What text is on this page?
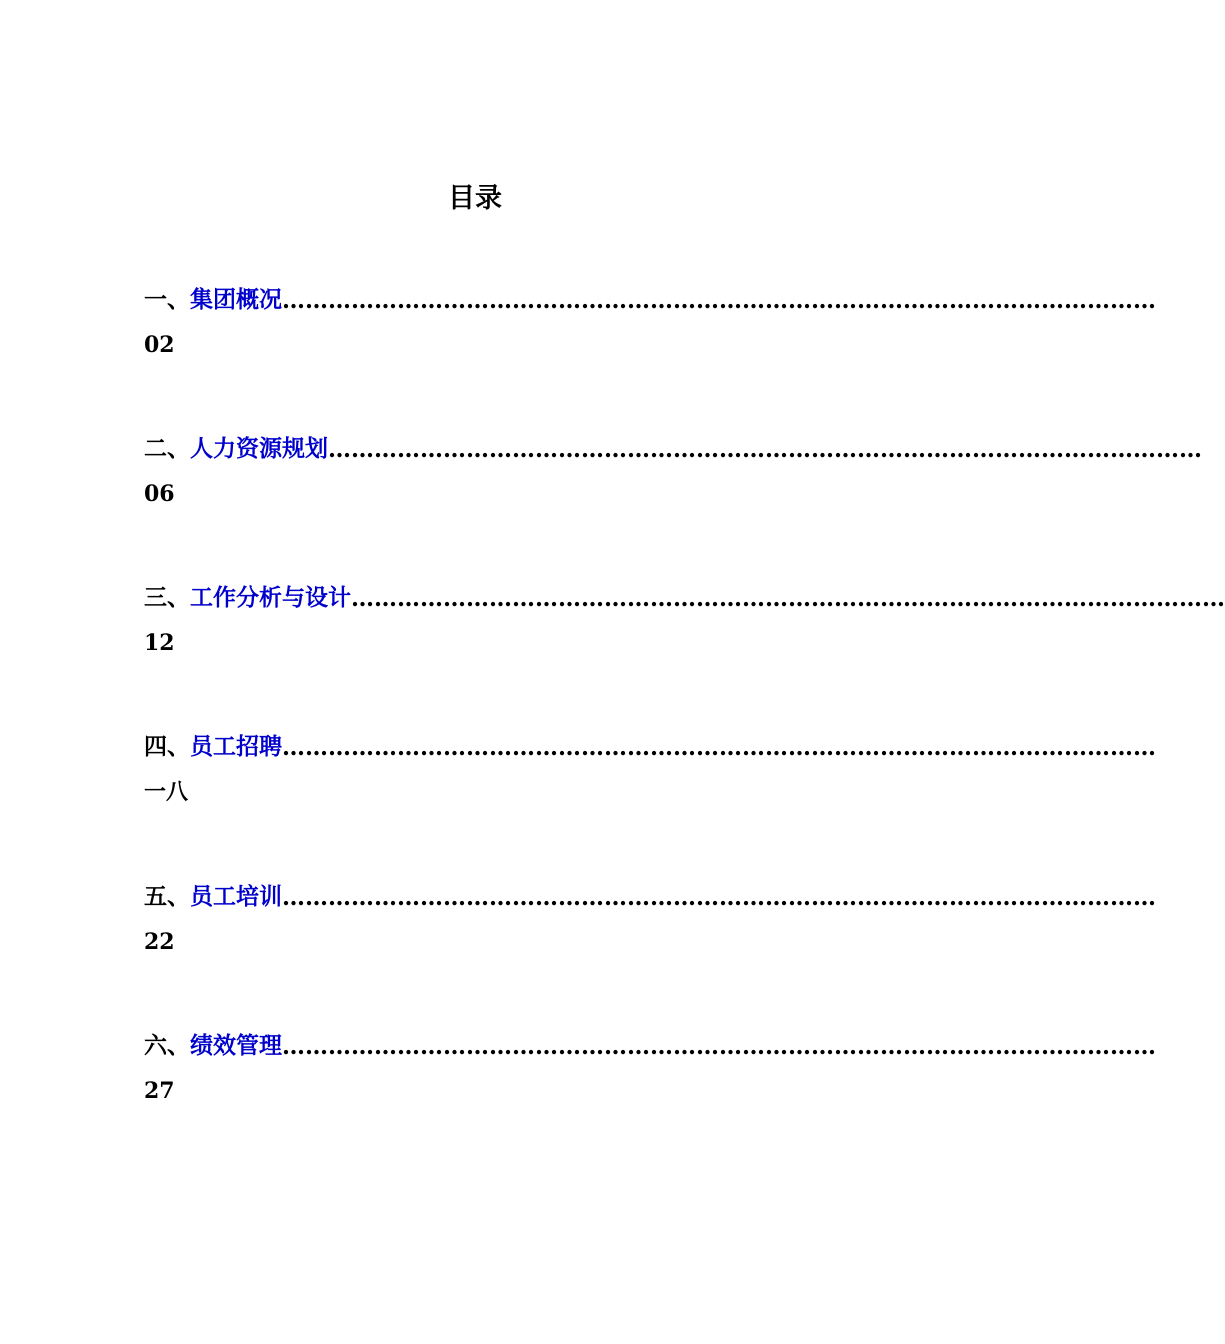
目录
一、 集团概况 ……………………………………………………………………………………………………
02
二、 人力资源规划 ……………………………………………………………………………………………………
06
三、 工作分析与设计 ……………………………………………………………………………………………………
12
四、 员工招聘 ……………………………………………………………………………………………………
一八
五、 员工培训 ……………………………………………………………………………………………………
22
六、 绩效管理 ……………………………………………………………………………………………………
27
